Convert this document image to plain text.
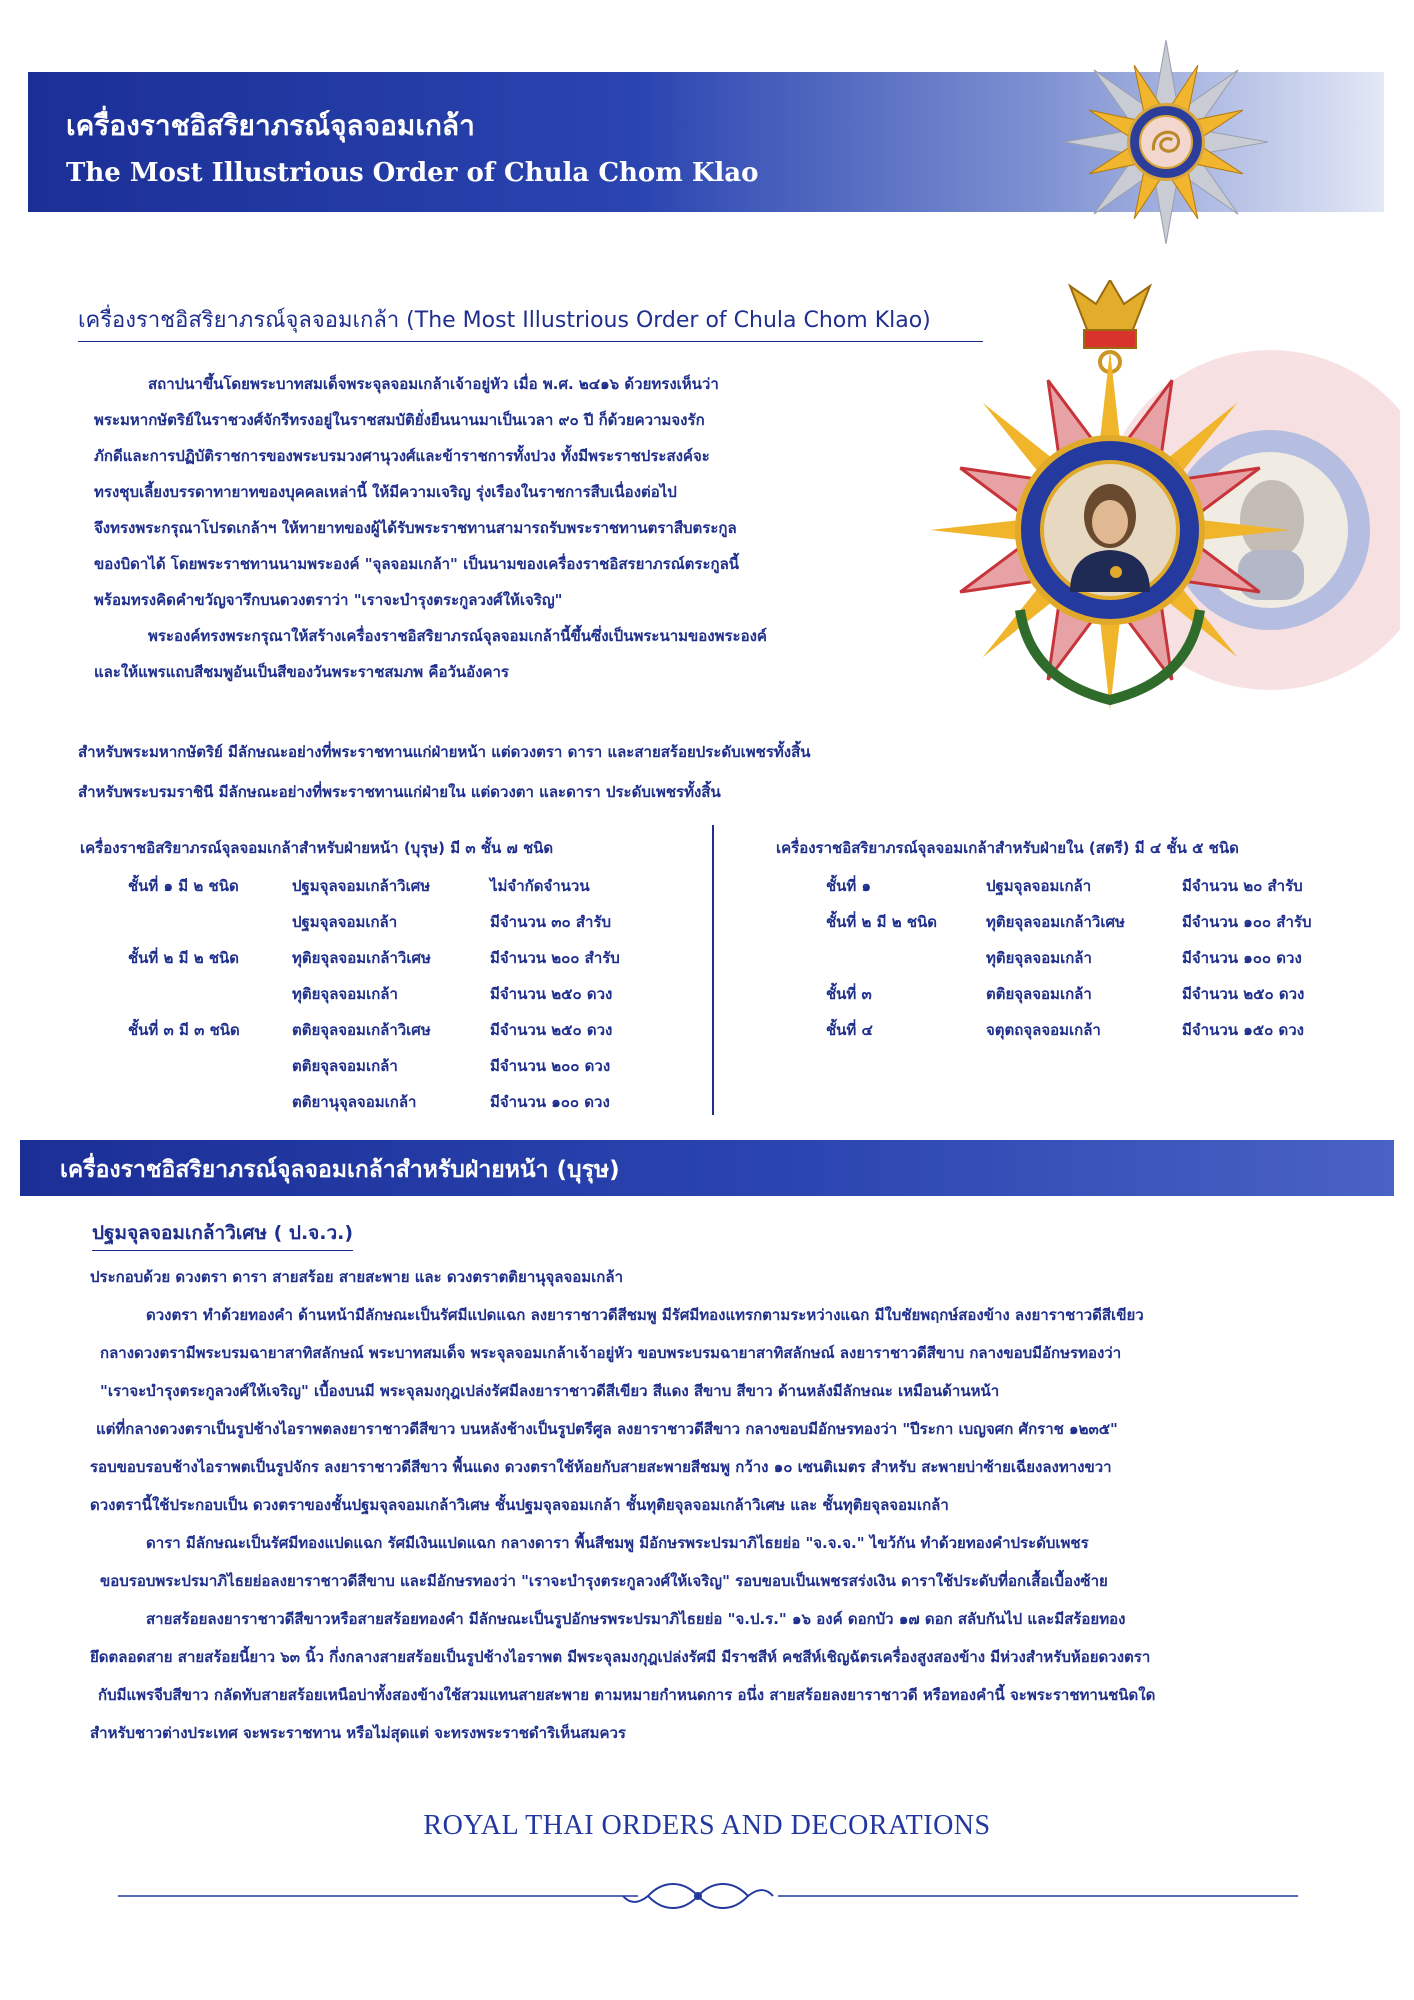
เครื่องราชอิสริยาภรณ์จุลจอมเกล้า
The Most Illustrious Order of Chula Chom Klao
เครื่องราชอิสริยาภรณ์จุลจอมเกล้า (The Most Illustrious Order of Chula Chom Klao)

สถาปนาขึ้นโดยพระบาทสมเด็จพระจุลจอมเกล้าเจ้าอยู่หัว เมื่อ พ.ศ. ๒๔๑๖ ด้วยทรงเห็นว่า

พระมหากษัตริย์ในราชวงศ์จักรีทรงอยู่ในราชสมบัติยั่งยืนนานมาเป็นเวลา ๙๐ ปี ก็ด้วยความจงรัก

ภักดีและการปฏิบัติราชการของพระบรมวงศานุวงศ์และข้าราชการทั้งปวง ทั้งมีพระราชประสงค์จะ

ทรงชุบเลี้ยงบรรดาทายาทของบุคคลเหล่านี้ ให้มีความเจริญ รุ่งเรืองในราชการสืบเนื่องต่อไป

จึงทรงพระกรุณาโปรดเกล้าฯ ให้ทายาทของผู้ได้รับพระราชทานสามารถรับพระราชทานตราสืบตระกูล

ของบิดาได้ โดยพระราชทานนามพระองค์ "จุลจอมเกล้า" เป็นนามของเครื่องราชอิสรยาภรณ์ตระกูลนี้

พร้อมทรงคิดคำขวัญจารึกบนดวงตราว่า "เราจะบำรุงตระกูลวงศ์ให้เจริญ"

พระองค์ทรงพระกรุณาให้สร้างเครื่องราชอิสริยาภรณ์จุลจอมเกล้านี้ขึ้นซึ่งเป็นพระนามของพระองค์

และให้แพรแถบสีชมพูอันเป็นสีของวันพระราชสมภพ คือวันอังคาร

สำหรับพระมหากษัตริย์ มีลักษณะอย่างที่พระราชทานแก่ฝ่ายหน้า แต่ดวงตรา ดารา และสายสร้อยประดับเพชรทั้งสิ้น

สำหรับพระบรมราชินี มีลักษณะอย่างที่พระราชทานแก่ฝ่ายใน แต่ดวงตา และดารา ประดับเพชรทั้งสิ้น

เครื่องราชอิสริยาภรณ์จุลจอมเกล้าสำหรับฝ่ายหน้า (บุรุษ) มี ๓ ชั้น ๗ ชนิด
ชั้นที่ ๑ มี ๒ ชนิด	ปฐมจุลจอมเกล้าวิเศษ	ไม่จำกัดจำนวน
	ปฐมจุลจอมเกล้า	มีจำนวน ๓๐ สำรับ
ชั้นที่ ๒ มี ๒ ชนิด	ทุติยจุลจอมเกล้าวิเศษ	มีจำนวน ๒๐๐ สำรับ
	ทุติยจุลจอมเกล้า	มีจำนวน ๒๕๐ ดวง
ชั้นที่ ๓ มี ๓ ชนิด	ตติยจุลจอมเกล้าวิเศษ	มีจำนวน ๒๕๐ ดวง
	ตติยจุลจอมเกล้า	มีจำนวน ๒๐๐ ดวง
	ตติยานุจุลจอมเกล้า	มีจำนวน ๑๐๐ ดวง
เครื่องราชอิสริยาภรณ์จุลจอมเกล้าสำหรับฝ่ายใน (สตรี) มี ๔ ชั้น ๕ ชนิด
ชั้นที่ ๑	ปฐมจุลจอมเกล้า	มีจำนวน ๒๐ สำรับ
ชั้นที่ ๒ มี ๒ ชนิด	ทุติยจุลจอมเกล้าวิเศษ	มีจำนวน ๑๐๐ สำรับ
	ทุติยจุลจอมเกล้า	มีจำนวน ๑๐๐ ดวง
ชั้นที่ ๓	ตติยจุลจอมเกล้า	มีจำนวน ๒๕๐ ดวง
ชั้นที่ ๔	จตุตถจุลจอมเกล้า	มีจำนวน ๑๕๐ ดวง
เครื่องราชอิสริยาภรณ์จุลจอมเกล้าสำหรับฝ่ายหน้า (บุรุษ)
ปฐมจุลจอมเกล้าวิเศษ ( ป.จ.ว.)

ประกอบด้วย ดวงตรา ดารา สายสร้อย สายสะพาย และ ดวงตราตติยานุจุลจอมเกล้า

ดวงตรา ทำด้วยทองคำ ด้านหน้ามีลักษณะเป็นรัศมีแปดแฉก ลงยาราชาวดีสีชมพู มีรัศมีทองแทรกตามระหว่างแฉก มีใบชัยพฤกษ์สองข้าง ลงยาราชาวดีสีเขียว

กลางดวงตรามีพระบรมฉายาสาทิสลักษณ์ พระบาทสมเด็จ พระจุลจอมเกล้าเจ้าอยู่หัว ขอบพระบรมฉายาสาทิสลักษณ์ ลงยาราชาวดีสีขาบ กลางขอบมีอักษรทองว่า

"เราจะบำรุงตระกูลวงศ์ให้เจริญ" เบื้องบนมี พระจุลมงกุฎเปล่งรัศมีลงยาราชาวดีสีเขียว สีแดง สีขาบ สีขาว ด้านหลังมีลักษณะ เหมือนด้านหน้า

แต่ที่กลางดวงตราเป็นรูปช้างไอราพตลงยาราชาวดีสีขาว บนหลังช้างเป็นรูปตรีศูล ลงยาราชาวดีสีขาว กลางขอบมีอักษรทองว่า "ปีระกา เบญจศก ศักราช ๑๒๓๕"

รอบขอบรอบช้างไอราพตเป็นรูปจักร ลงยาราชาวดีสีขาว พื้นแดง ดวงตราใช้ห้อยกับสายสะพายสีชมพู กว้าง ๑๐ เซนติเมตร สำหรับ สะพายบ่าซ้ายเฉียงลงทางขวา

ดวงตรานี้ใช้ประกอบเป็น ดวงตราของชั้นปฐมจุลจอมเกล้าวิเศษ ชั้นปฐมจุลจอมเกล้า ชั้นทุติยจุลจอมเกล้าวิเศษ และ ชั้นทุติยจุลจอมเกล้า

ดารา มีลักษณะเป็นรัศมีทองแปดแฉก รัศมีเงินแปดแฉก กลางดารา พื้นสีชมพู มีอักษรพระปรมาภิไธยย่อ "จ.จ.จ." ไขว้กัน ทำด้วยทองคำประดับเพชร

ขอบรอบพระปรมาภิไธยย่อลงยาราชาวดีสีขาบ และมีอักษรทองว่า "เราจะบำรุงตระกูลวงศ์ให้เจริญ" รอบขอบเป็นเพชรสร่งเงิน ดาราใช้ประดับที่อกเสื้อเบื้องซ้าย

สายสร้อยลงยาราชาวดีสีขาวหรือสายสร้อยทองคำ มีลักษณะเป็นรูปอักษรพระปรมาภิไธยย่อ "จ.ป.ร." ๑๖ องค์ ดอกบัว ๑๗ ดอก สลับกันไป และมีสร้อยทอง

ยึดตลอดสาย สายสร้อยนี้ยาว ๖๓ นิ้ว กึ่งกลางสายสร้อยเป็นรูปช้างไอราพต มีพระจุลมงกุฎเปล่งรัศมี มีราชสีห์ คชสีห์เชิญฉัตรเครื่องสูงสองข้าง มีห่วงสำหรับห้อยดวงตรา

กับมีแพรจีบสีขาว กลัดทับสายสร้อยเหนือบ่าทั้งสองข้างใช้สวมแทนสายสะพาย ตามหมายกำหนดการ อนึ่ง สายสร้อยลงยาราชาวดี หรือทองคำนี้ จะพระราชทานชนิดใด

สำหรับชาวต่างประเทศ จะพระราชทาน หรือไม่สุดแต่ จะทรงพระราชดำริเห็นสมควร

ROYAL THAI ORDERS AND DECORATIONS
